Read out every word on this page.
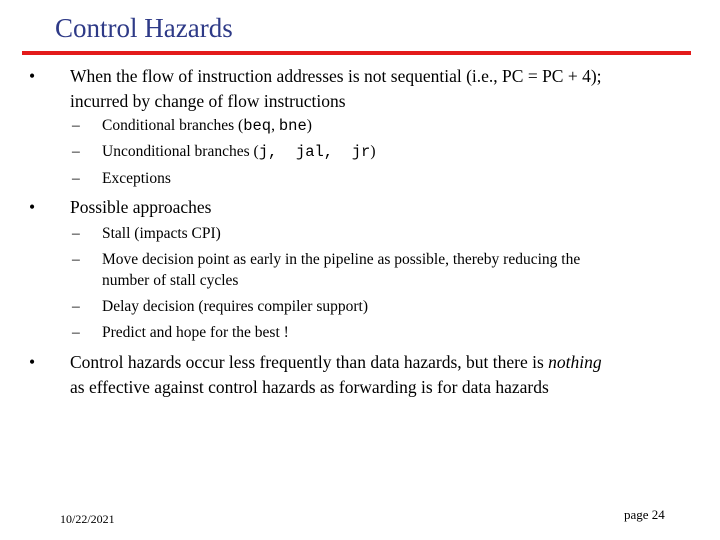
Control Hazards
• When the flow of instruction addresses is not sequential (i.e., PC = PC + 4);
incurred by change of flow instructions
– Conditional branches (beq, bne)
– Unconditional branches (j,  jal,  jr)
– Exceptions
• Possible approaches
– Stall (impacts CPI)
– Move decision point as early in the pipeline as possible, thereby reducing the
number of stall cycles
– Delay decision (requires compiler support)
– Predict and hope for the best !
• Control hazards occur less frequently than data hazards, but there is nothing
as effective against control hazards as forwarding is for data hazards
10/22/2021	page 24
